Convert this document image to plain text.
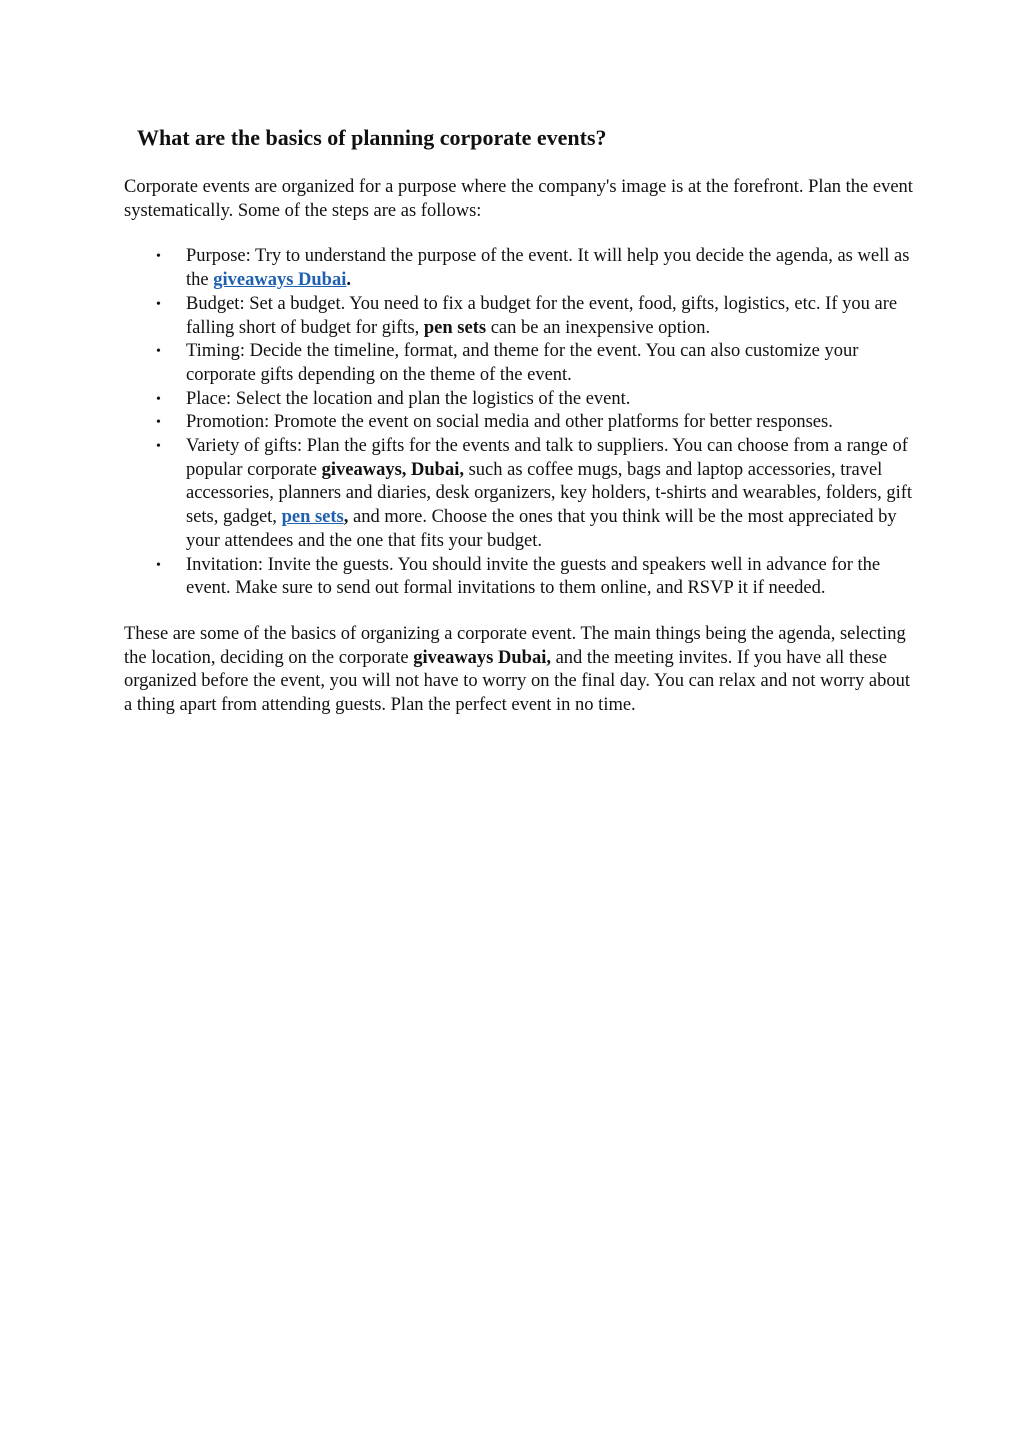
What are the basics of planning corporate events?

Corporate events are organized for a purpose where the company's image is at the forefront. Plan the event systematically. Some of the steps are as follows:

• Purpose: Try to understand the purpose of the event. It will help you decide the agenda, as well as the giveaways Dubai.
• Budget: Set a budget. You need to fix a budget for the event, food, gifts, logistics, etc. If you are falling short of budget for gifts, pen sets can be an inexpensive option.
• Timing: Decide the timeline, format, and theme for the event. You can also customize your corporate gifts depending on the theme of the event.
• Place: Select the location and plan the logistics of the event.
• Promotion: Promote the event on social media and other platforms for better responses.
• Variety of gifts: Plan the gifts for the events and talk to suppliers. You can choose from a range of popular corporate giveaways, Dubai, such as coffee mugs, bags and laptop accessories, travel accessories, planners and diaries, desk organizers, key holders, t-shirts and wearables, folders, gift sets, gadget, pen sets, and more. Choose the ones that you think will be the most appreciated by your attendees and the one that fits your budget.
• Invitation: Invite the guests. You should invite the guests and speakers well in advance for the event. Make sure to send out formal invitations to them online, and RSVP it if needed.

These are some of the basics of organizing a corporate event. The main things being the agenda, selecting the location, deciding on the corporate giveaways Dubai, and the meeting invites. If you have all these organized before the event, you will not have to worry on the final day. You can relax and not worry about a thing apart from attending guests. Plan the perfect event in no time.
